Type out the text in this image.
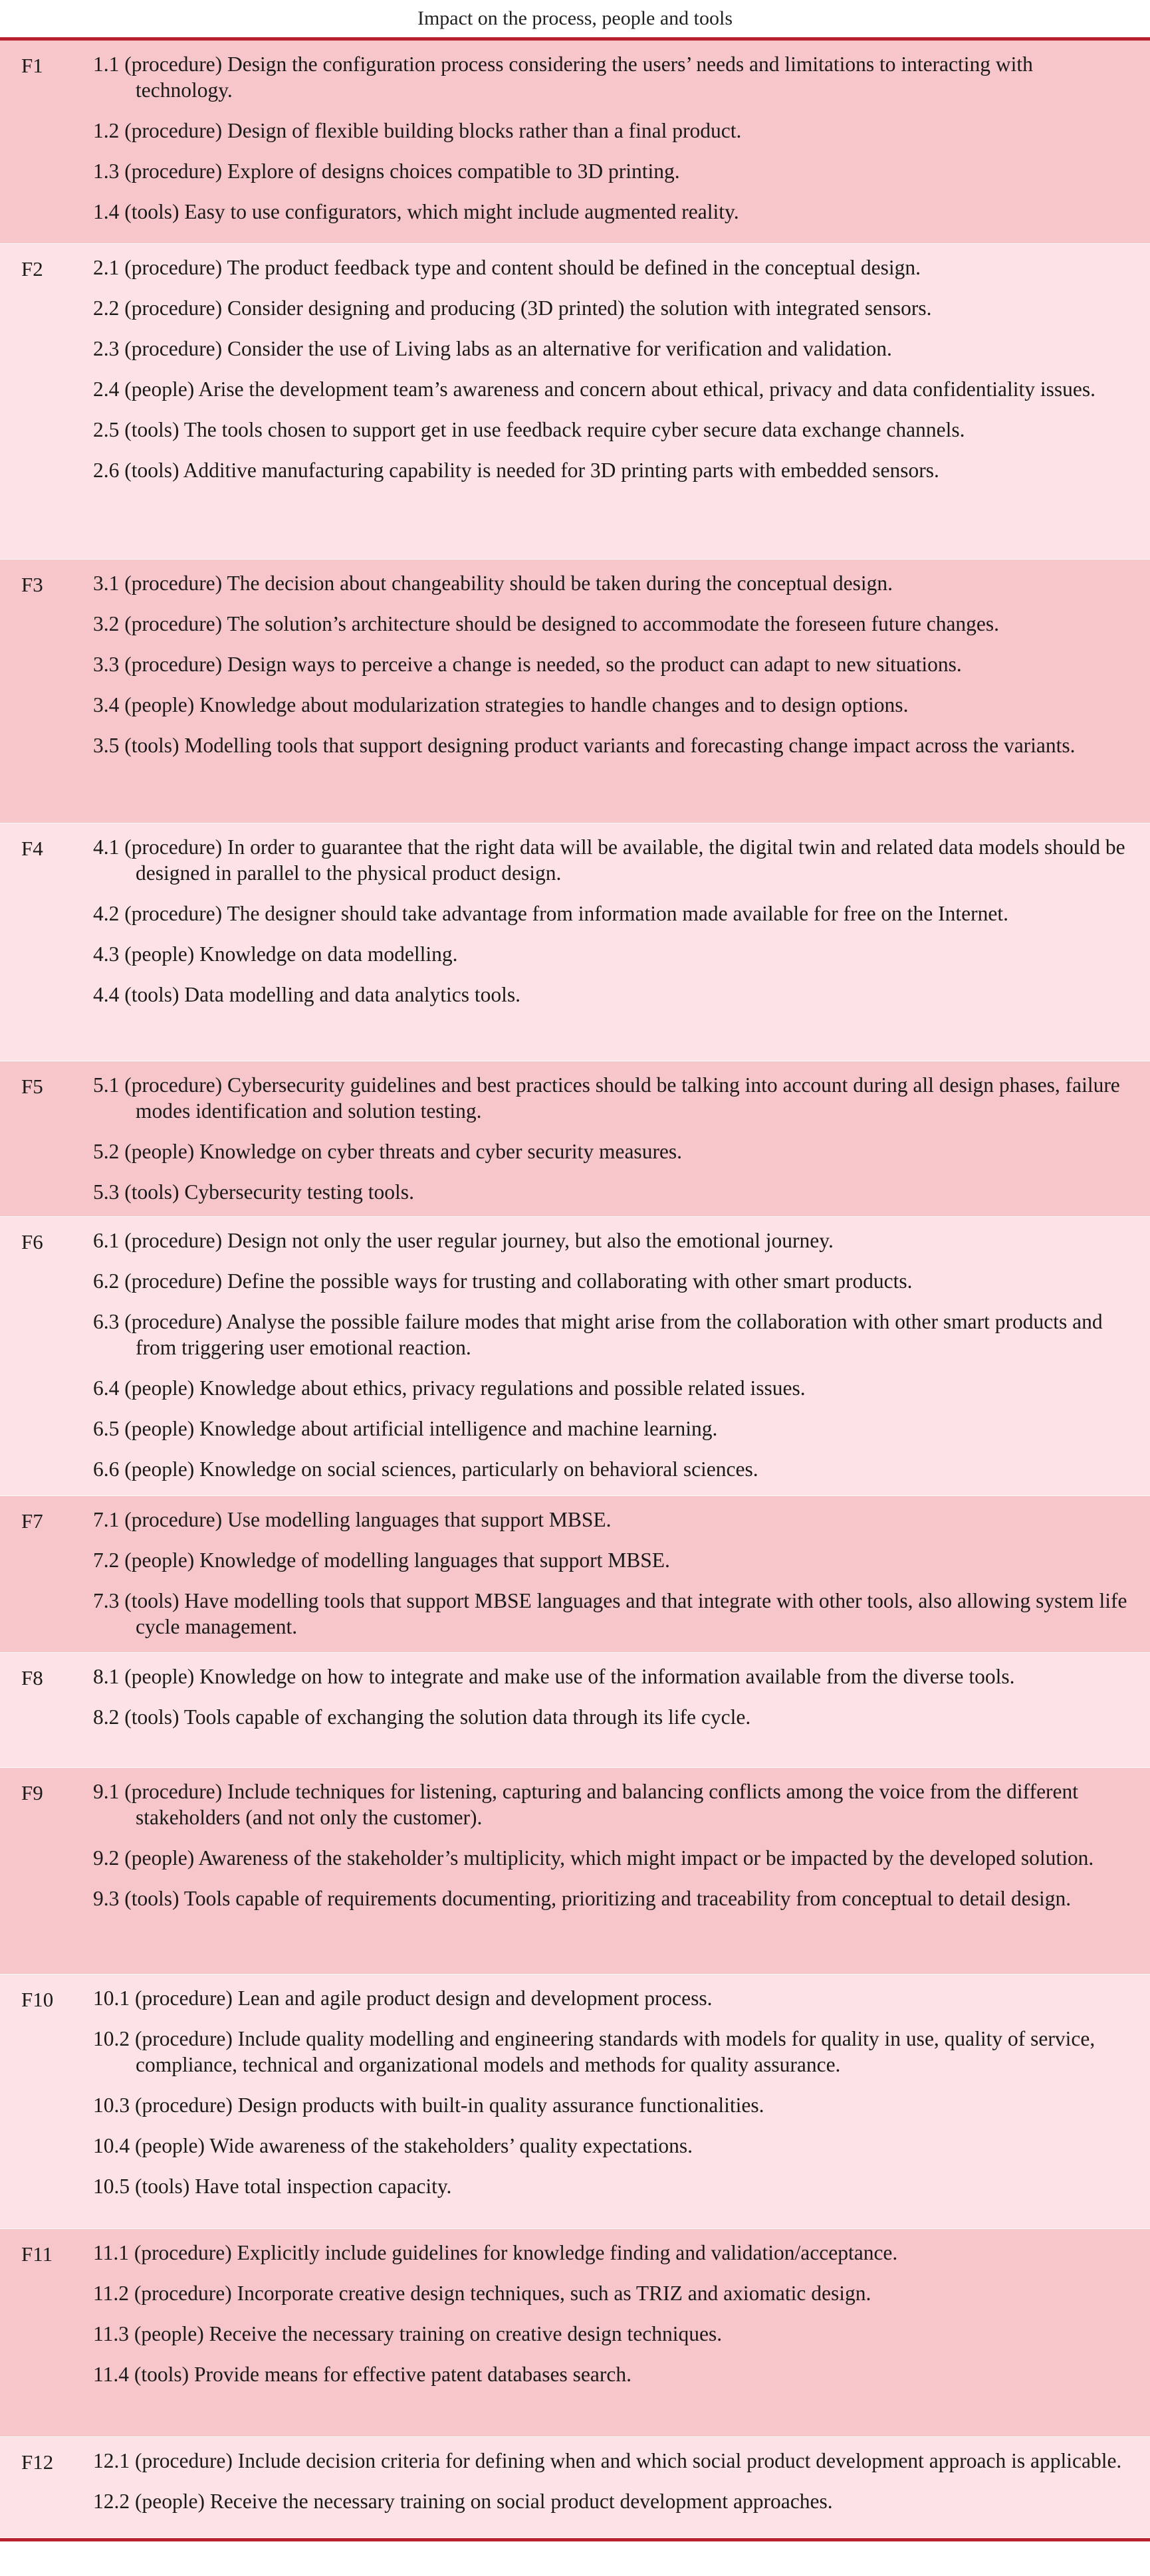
Impact on the process, people and tools
F1	1.1 (procedure) Design the configuration process considering the users’ needs and limitations to interacting with technology.
1.2 (procedure) Design of flexible building blocks rather than a final product.
1.3 (procedure) Explore of designs choices compatible to 3D printing.
1.4 (tools) Easy to use configurators, which might include augmented reality.
F2	2.1 (procedure) The product feedback type and content should be defined in the conceptual design.
2.2 (procedure) Consider designing and producing (3D printed) the solution with integrated sensors.
2.3 (procedure) Consider the use of Living labs as an alternative for verification and validation.
2.4 (people) Arise the development team’s awareness and concern about ethical, privacy and data confidentiality issues.
2.5 (tools) The tools chosen to support get in use feedback require cyber secure data exchange channels.
2.6 (tools) Additive manufacturing capability is needed for 3D printing parts with embedded sensors.
F3	3.1 (procedure) The decision about changeability should be taken during the conceptual design.
3.2 (procedure) The solution’s architecture should be designed to accommodate the foreseen future changes.
3.3 (procedure) Design ways to perceive a change is needed, so the product can adapt to new situations.
3.4 (people) Knowledge about modularization strategies to handle changes and to design options.
3.5 (tools) Modelling tools that support designing product variants and forecasting change impact across the variants.
F4	4.1 (procedure) In order to guarantee that the right data will be available, the digital twin and related data models should be designed in parallel to the physical product design.
4.2 (procedure) The designer should take advantage from information made available for free on the Internet.
4.3 (people) Knowledge on data modelling.
4.4 (tools) Data modelling and data analytics tools.
F5	5.1 (procedure) Cybersecurity guidelines and best practices should be talking into account during all design phases, failure modes identification and solution testing.
5.2 (people) Knowledge on cyber threats and cyber security measures.
5.3 (tools) Cybersecurity testing tools.
F6	6.1 (procedure) Design not only the user regular journey, but also the emotional journey.
6.2 (procedure) Define the possible ways for trusting and collaborating with other smart products.
6.3 (procedure) Analyse the possible failure modes that might arise from the collaboration with other smart products and from triggering user emotional reaction.
6.4 (people) Knowledge about ethics, privacy regulations and possible related issues.
6.5 (people) Knowledge about artificial intelligence and machine learning.
6.6 (people) Knowledge on social sciences, particularly on behavioral sciences.
F7	7.1 (procedure) Use modelling languages that support MBSE.
7.2 (people) Knowledge of modelling languages that support MBSE.
7.3 (tools) Have modelling tools that support MBSE languages and that integrate with other tools, also allowing system life cycle management.
F8	8.1 (people) Knowledge on how to integrate and make use of the information available from the diverse tools.
8.2 (tools) Tools capable of exchanging the solution data through its life cycle.
F9	9.1 (procedure) Include techniques for listening, capturing and balancing conflicts among the voice from the different stakeholders (and not only the customer).
9.2 (people) Awareness of the stakeholder’s multiplicity, which might impact or be impacted by the developed solution.
9.3 (tools) Tools capable of requirements documenting, prioritizing and traceability from conceptual to detail design.
F10	10.1 (procedure) Lean and agile product design and development process.
10.2 (procedure) Include quality modelling and engineering standards with models for quality in use, quality of service, compliance, technical and organizational models and methods for quality assurance.
10.3 (procedure) Design products with built-in quality assurance functionalities.
10.4 (people) Wide awareness of the stakeholders’ quality expectations.
10.5 (tools) Have total inspection capacity.
F11	11.1 (procedure) Explicitly include guidelines for knowledge finding and validation/acceptance.
11.2 (procedure) Incorporate creative design techniques, such as TRIZ and axiomatic design.
11.3 (people) Receive the necessary training on creative design techniques.
11.4 (tools) Provide means for effective patent databases search.
F12	12.1 (procedure) Include decision criteria for defining when and which social product development approach is applicable.
12.2 (people) Receive the necessary training on social product development approaches.
